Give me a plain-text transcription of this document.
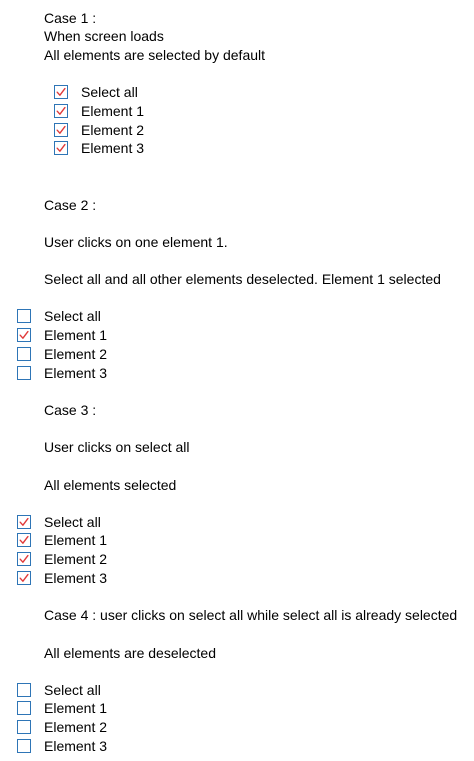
Case 1 :
When screen loads
All elements are selected by default
Select all
Element 1
Element 2
Element 3
Case 2 :
User clicks on one element 1.
Select all and all other elements deselected. Element 1 selected
Select all
Element 1
Element 2
Element 3
Case 3 :
User clicks on select all
All elements selected
Select all
Element 1
Element 2
Element 3
Case 4 : user clicks on select all while select all is already selected
All elements are deselected
Select all
Element 1
Element 2
Element 3
